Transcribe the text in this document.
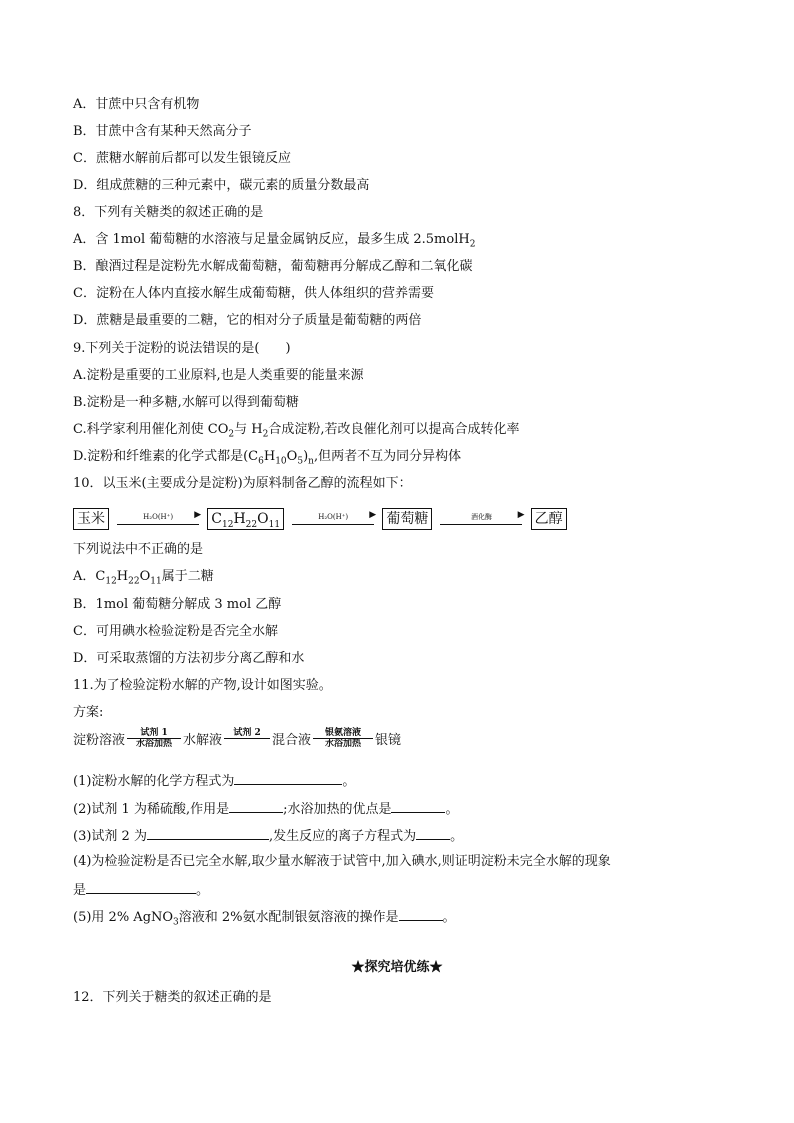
A．甘蔗中只含有机物
B．甘蔗中含有某种天然高分子
C．蔗糖水解前后都可以发生银镜反应
D．组成蔗糖的三种元素中，碳元素的质量分数最高
8．下列有关糖类的叙述正确的是
A．含 1mol 葡萄糖的水溶液与足量金属钠反应，最多生成 2.5molH$_2$
B．酿酒过程是淀粉先水解成葡萄糖，葡萄糖再分解成乙醇和二氧化碳
C．淀粉在人体内直接水解生成葡萄糖，供人体组织的营养需要
D．蔗糖是最重要的二糖，它的相对分子质量是葡萄糖的两倍
9.下列关于淀粉的说法错误的是(　　)
A.淀粉是重要的工业原料,也是人类重要的能量来源
B.淀粉是一种多糖,水解可以得到葡萄糖
C.科学家利用催化剂使 $CO_2$与 $H_2$合成淀粉,若改良催化剂可以提高合成转化率
D.淀粉和纤维素的化学式都是$(C_6H_{10}O_5)_n$,但两者不互为同分异构体
10．以玉米(主要成分是淀粉)为原料制备乙醇的流程如下：
玉米	H₂O(H⁺)	▶ $C_{12}H_{22}O_{11}$
H₂O(H⁺)	▶ 葡萄糖	酒化酶	▶ 乙醇
下列说法中不正确的是
A．$C_{12}H_{22}O_{11}$属于二糖
B．1mol 葡萄糖分解成 3 mol 乙醇
C．可用碘水检验淀粉是否完全水解
D．可采取蒸馏的方法初步分离乙醇和水
11.为了检验淀粉水解的产物,设计如图实验。
方案:
淀粉溶液	试剂 1
水浴加热 水解液	试剂 2
混合液	银氨溶液
水浴加热	银镜
(1)淀粉水解的化学方程式为	。
(2)试剂 1 为稀硫酸,作用是	;水浴加热的优点是	。
(3)试剂 2 为	,发生反应的离子方程式为	。
(4)为检验淀粉是否已完全水解,取少量水解液于试管中,加入碘水,则证明淀粉未完全水解的现象
是	。
(5)用 2% AgNO$_3$溶液和 2%氨水配制银氨溶液的操作是	。
★探究培优练★
12．下列关于糖类的叙述正确的是
